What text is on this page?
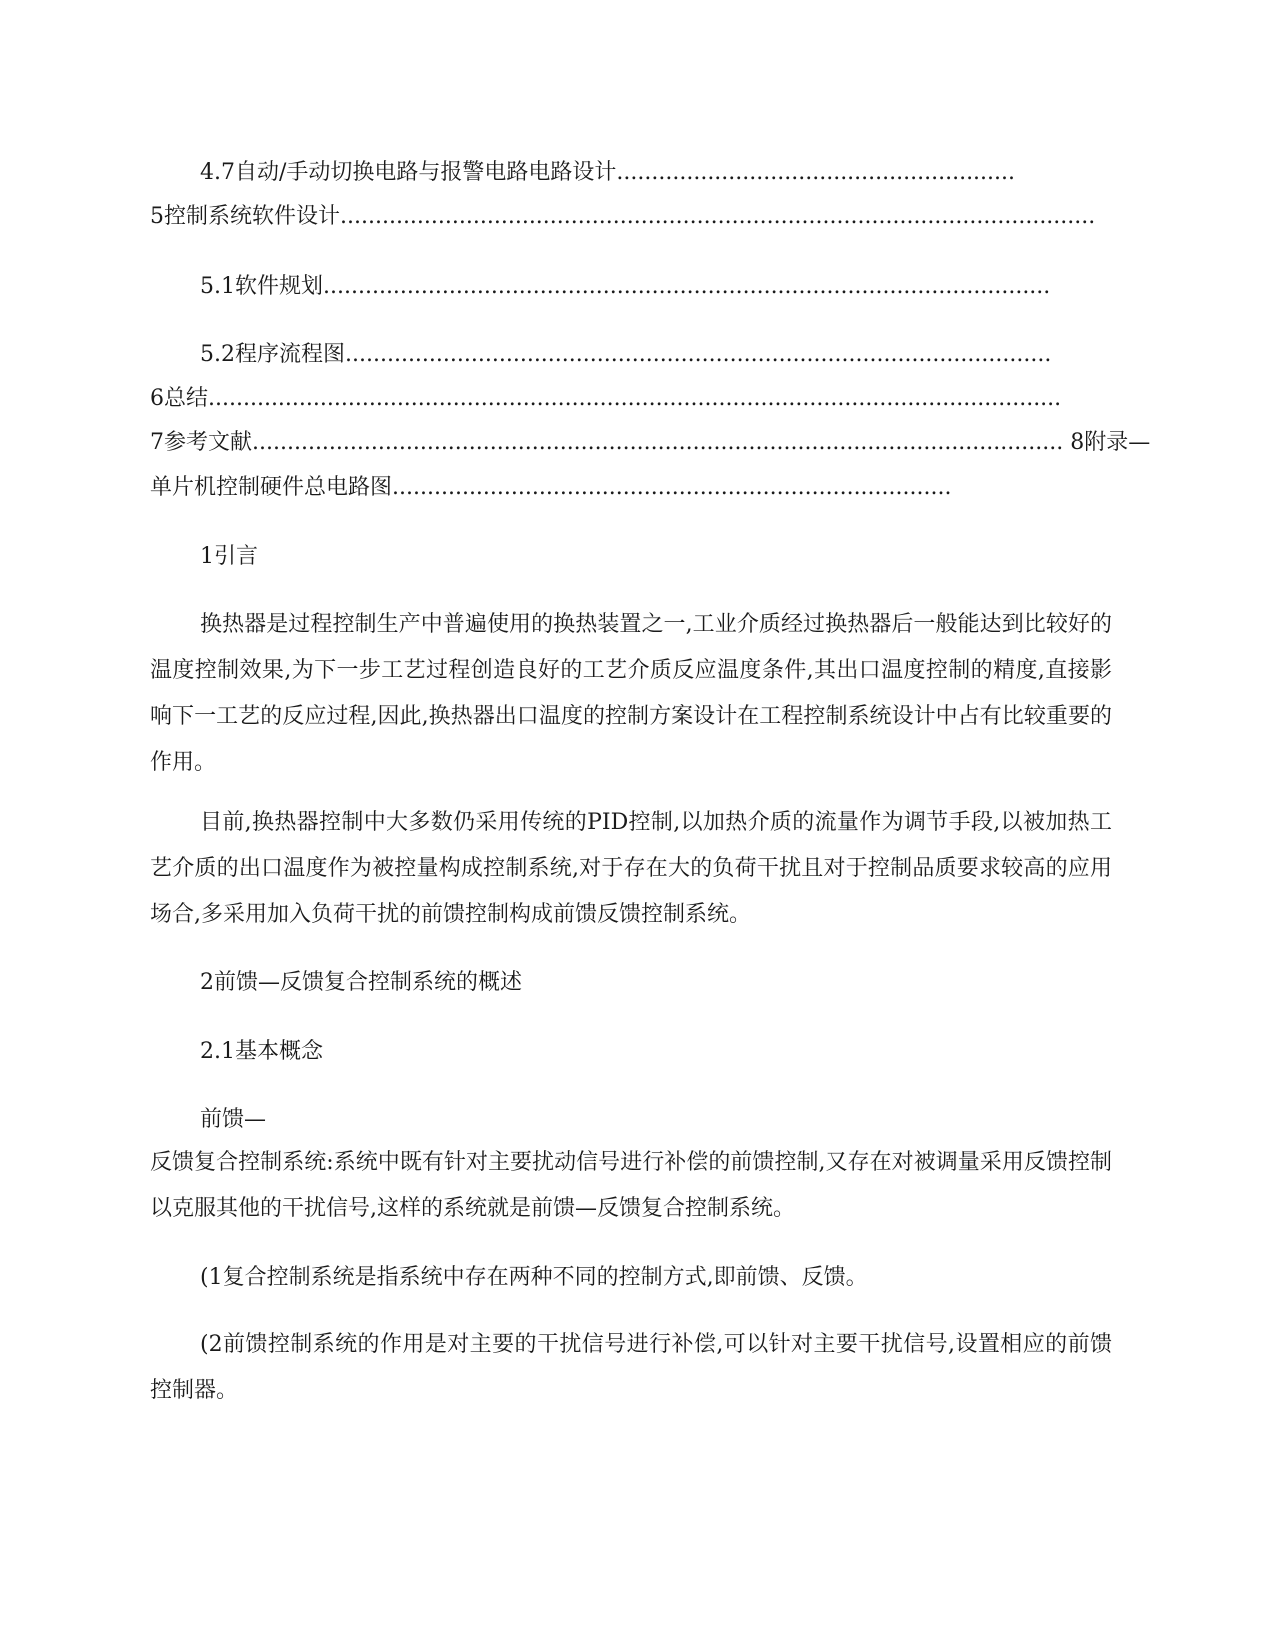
4.7自动/手动切换电路与报警电路电路设计.........................................................
5控制系统软件设计............................................................................................................
5.1软件规划........................................................................................................
5.2程序流程图.....................................................................................................
6总结..........................................................................................................................
7参考文献.................................................................................................................... 8附录—
单片机控制硬件总电路图................................................................................
1引言
换热器是过程控制生产中普遍使用的换热装置之一,工业介质经过换热器后一般能达到比较好的温度控制效果,为下一步工艺过程创造良好的工艺介质反应温度条件,其出口温度控制的精度,直接影响下一工艺的反应过程,因此,换热器出口温度的控制方案设计在工程控制系统设计中占有比较重要的作用。
目前,换热器控制中大多数仍采用传统的PID控制,以加热介质的流量作为调节手段,以被加热工艺介质的出口温度作为被控量构成控制系统,对于存在大的负荷干扰且对于控制品质要求较高的应用场合,多采用加入负荷干扰的前馈控制构成前馈反馈控制系统。
2前馈—反馈复合控制系统的概述
2.1基本概念
前馈—
反馈复合控制系统:系统中既有针对主要扰动信号进行补偿的前馈控制,又存在对被调量采用反馈控制以克服其他的干扰信号,这样的系统就是前馈—反馈复合控制系统。
(1复合控制系统是指系统中存在两种不同的控制方式,即前馈、反馈。
(2前馈控制系统的作用是对主要的干扰信号进行补偿,可以针对主要干扰信号,设置相应的前馈控制器。
